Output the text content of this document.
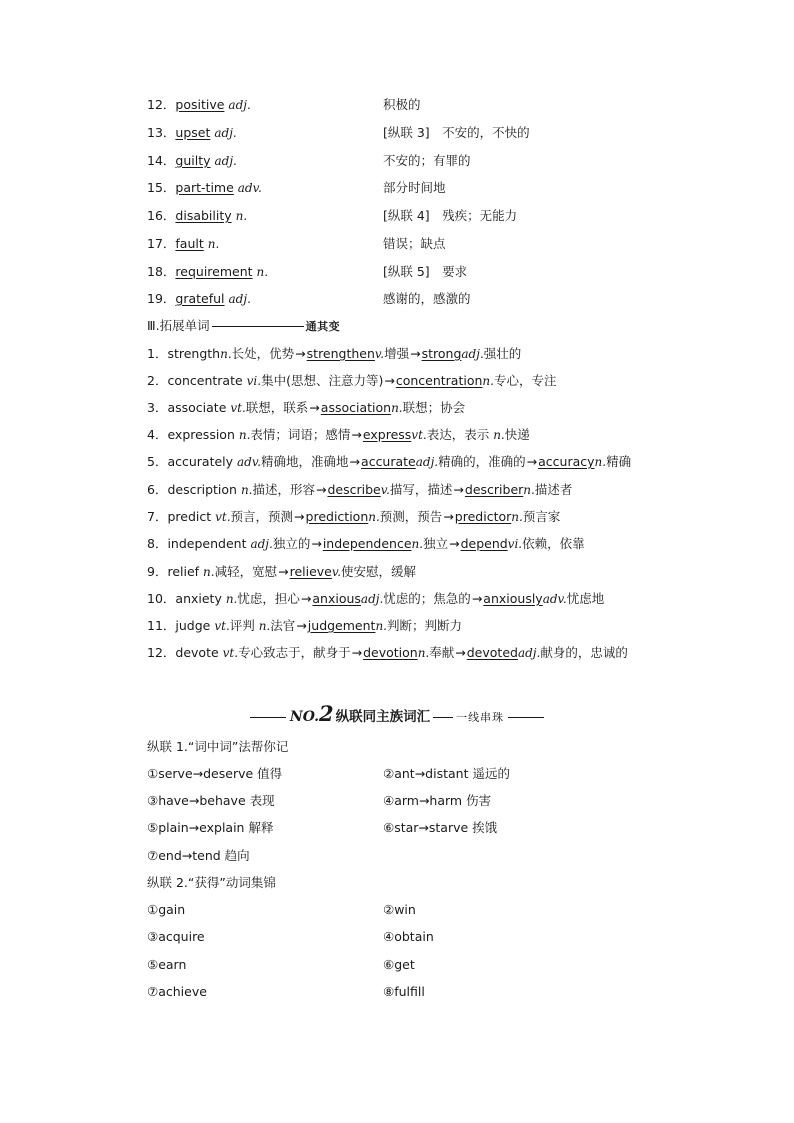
12．positive adj.	积极的
13．upset adj.	[纵联 3]　不安的，不快的
14．guilty adj.	不安的；有罪的
15．part-time adv.	部分时间地
16．disability n.	[纵联 4]　残疾；无能力
17．fault n.	错误；缺点
18．requirement n.	[纵联 5]　要求
19．grateful adj.	感谢的，感激的
Ⅲ.拓展单词	通其变
1．strengthn.长处，优势→strengthenv.增强→strongadj.强壮的
2．concentrate vi.集中(思想、注意力等)→concentrationn.专心，专注
3．associate vt.联想，联系→associationn.联想；协会
4．expression n.表情；词语；感情→expressvt.表达，表示 n.快递
5．accurately adv.精确地，准确地→accurateadj.精确的，准确的→accuracyn.精确
6．description n.描述，形容→describev.描写，描述→describern.描述者
7．predict vt.预言，预测→predictionn.预测，预告→predictorn.预言家
8．independent adj.独立的→independencen.独立→dependvi.依赖，依靠
9．relief n.减轻，宽慰→relievev.使安慰，缓解
10．anxiety n.忧虑，担心→anxiousadj.忧虑的；焦急的→anxiouslyadv.忧虑地
11．judge vt.评判 n.法官→judgementn.判断；判断力
12．devote vt.专心致志于，献身于→devotionn.奉献→devotedadj.献身的，忠诚的
NO.2 纵联同主族词汇 一线串珠
纵联 1.“词中词”法帮你记
①serve→deserve 值得	②ant→distant 遥远的
③have→behave 表现	④arm→harm 伤害
⑤plain→explain 解释	⑥star→starve 挨饿
⑦end→tend 趋向
纵联 2.“获得”动词集锦
①gain	②win
③acquire	④obtain
⑤earn	⑥get
⑦achieve	⑧fulfill
